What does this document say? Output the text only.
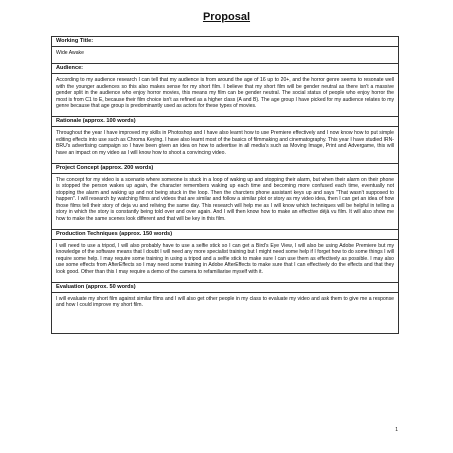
Proposal
Working Title:

Wide Awake

Audience:

According to my audience research I can tell that my audience is from around the age of 16 up to 20+, and the horror genre seems to resonate well with the younger audiences so this also makes sense for my short film. I believe that my short film will be gender neutral as there isn't a massive gender split in the audience who enjoy horror movies, this means my film can be gender neutral. The social status of people who enjoy horror the most is from C1 to E, because their film choice isn't as refined as a higher class (A and B). The age group I have picked for my audience relates to my genre because that age group is predominantly used as actors for these types of movies.

Rationale (approx. 100 words)

Throughout the year I have improved my skills in Photoshop and I have also learnt how to use Premiere effectively and I now know how to put simple editing effects into use such as Chroma Keying. I have also learnt most of the basics of filmmaking and cinematography. This year I have studied IRN-BRU's advertising campaign so I have been given an idea on how to advertise in all media's such as Moving Image, Print and Advergame, this will have an impact on my video as I will know how to shoot a convincing video.

Project Concept (approx. 200 words)

The concept for my video is a scenario where someone is stuck in a loop of waking up and stopping their alarm, but when their alarm on their phone is stopped the person wakes up again, the character remembers waking up each time and becoming more confused each time, eventually not stopping the alarm and waking up and not being stuck in the loop. Then the charcters phone assistant keys up and says "That wasn't supposed to happen". I will research by watching films and videos that are similar and follow a similar plot or story as my video idea, then I can get an idea of how those films tell their story of deja vu and reliving the same day. This research will help me as I will know which techniques will be helpful in telling a story in which the story is constantly being told over and over again. And I will then know how to make an effective déjà vu film. It will also show me how to make the same scenes look different and that will be key in this film.

Production Techniques (approx. 150 words)

I will need to use a tripod, I will also probably have to use a selfie stick so I can get a Bird's Eye View, I will also be using Adobe Premiere but my knowledge of the software means that I doubt I will need any more specialist training but I might need some help if I forget how to do some things I will require some help. I may require some training in using a tripod and a selfie stick to make sure I can use them as effectively as possible. I may also use some effects from AfterEffects so I may need some training in Adobe AfterEffects to make sure that I can effectively do the effects and that they look good. Other than this I may require a demo of the camera to refamiliarise myself with it.

Evaluation (approx. 50 words)

I will evaluate my short film against similar films and I will also get other people in my class to evaluate my video and ask them to give me a response and how I could improve my short film.

1
